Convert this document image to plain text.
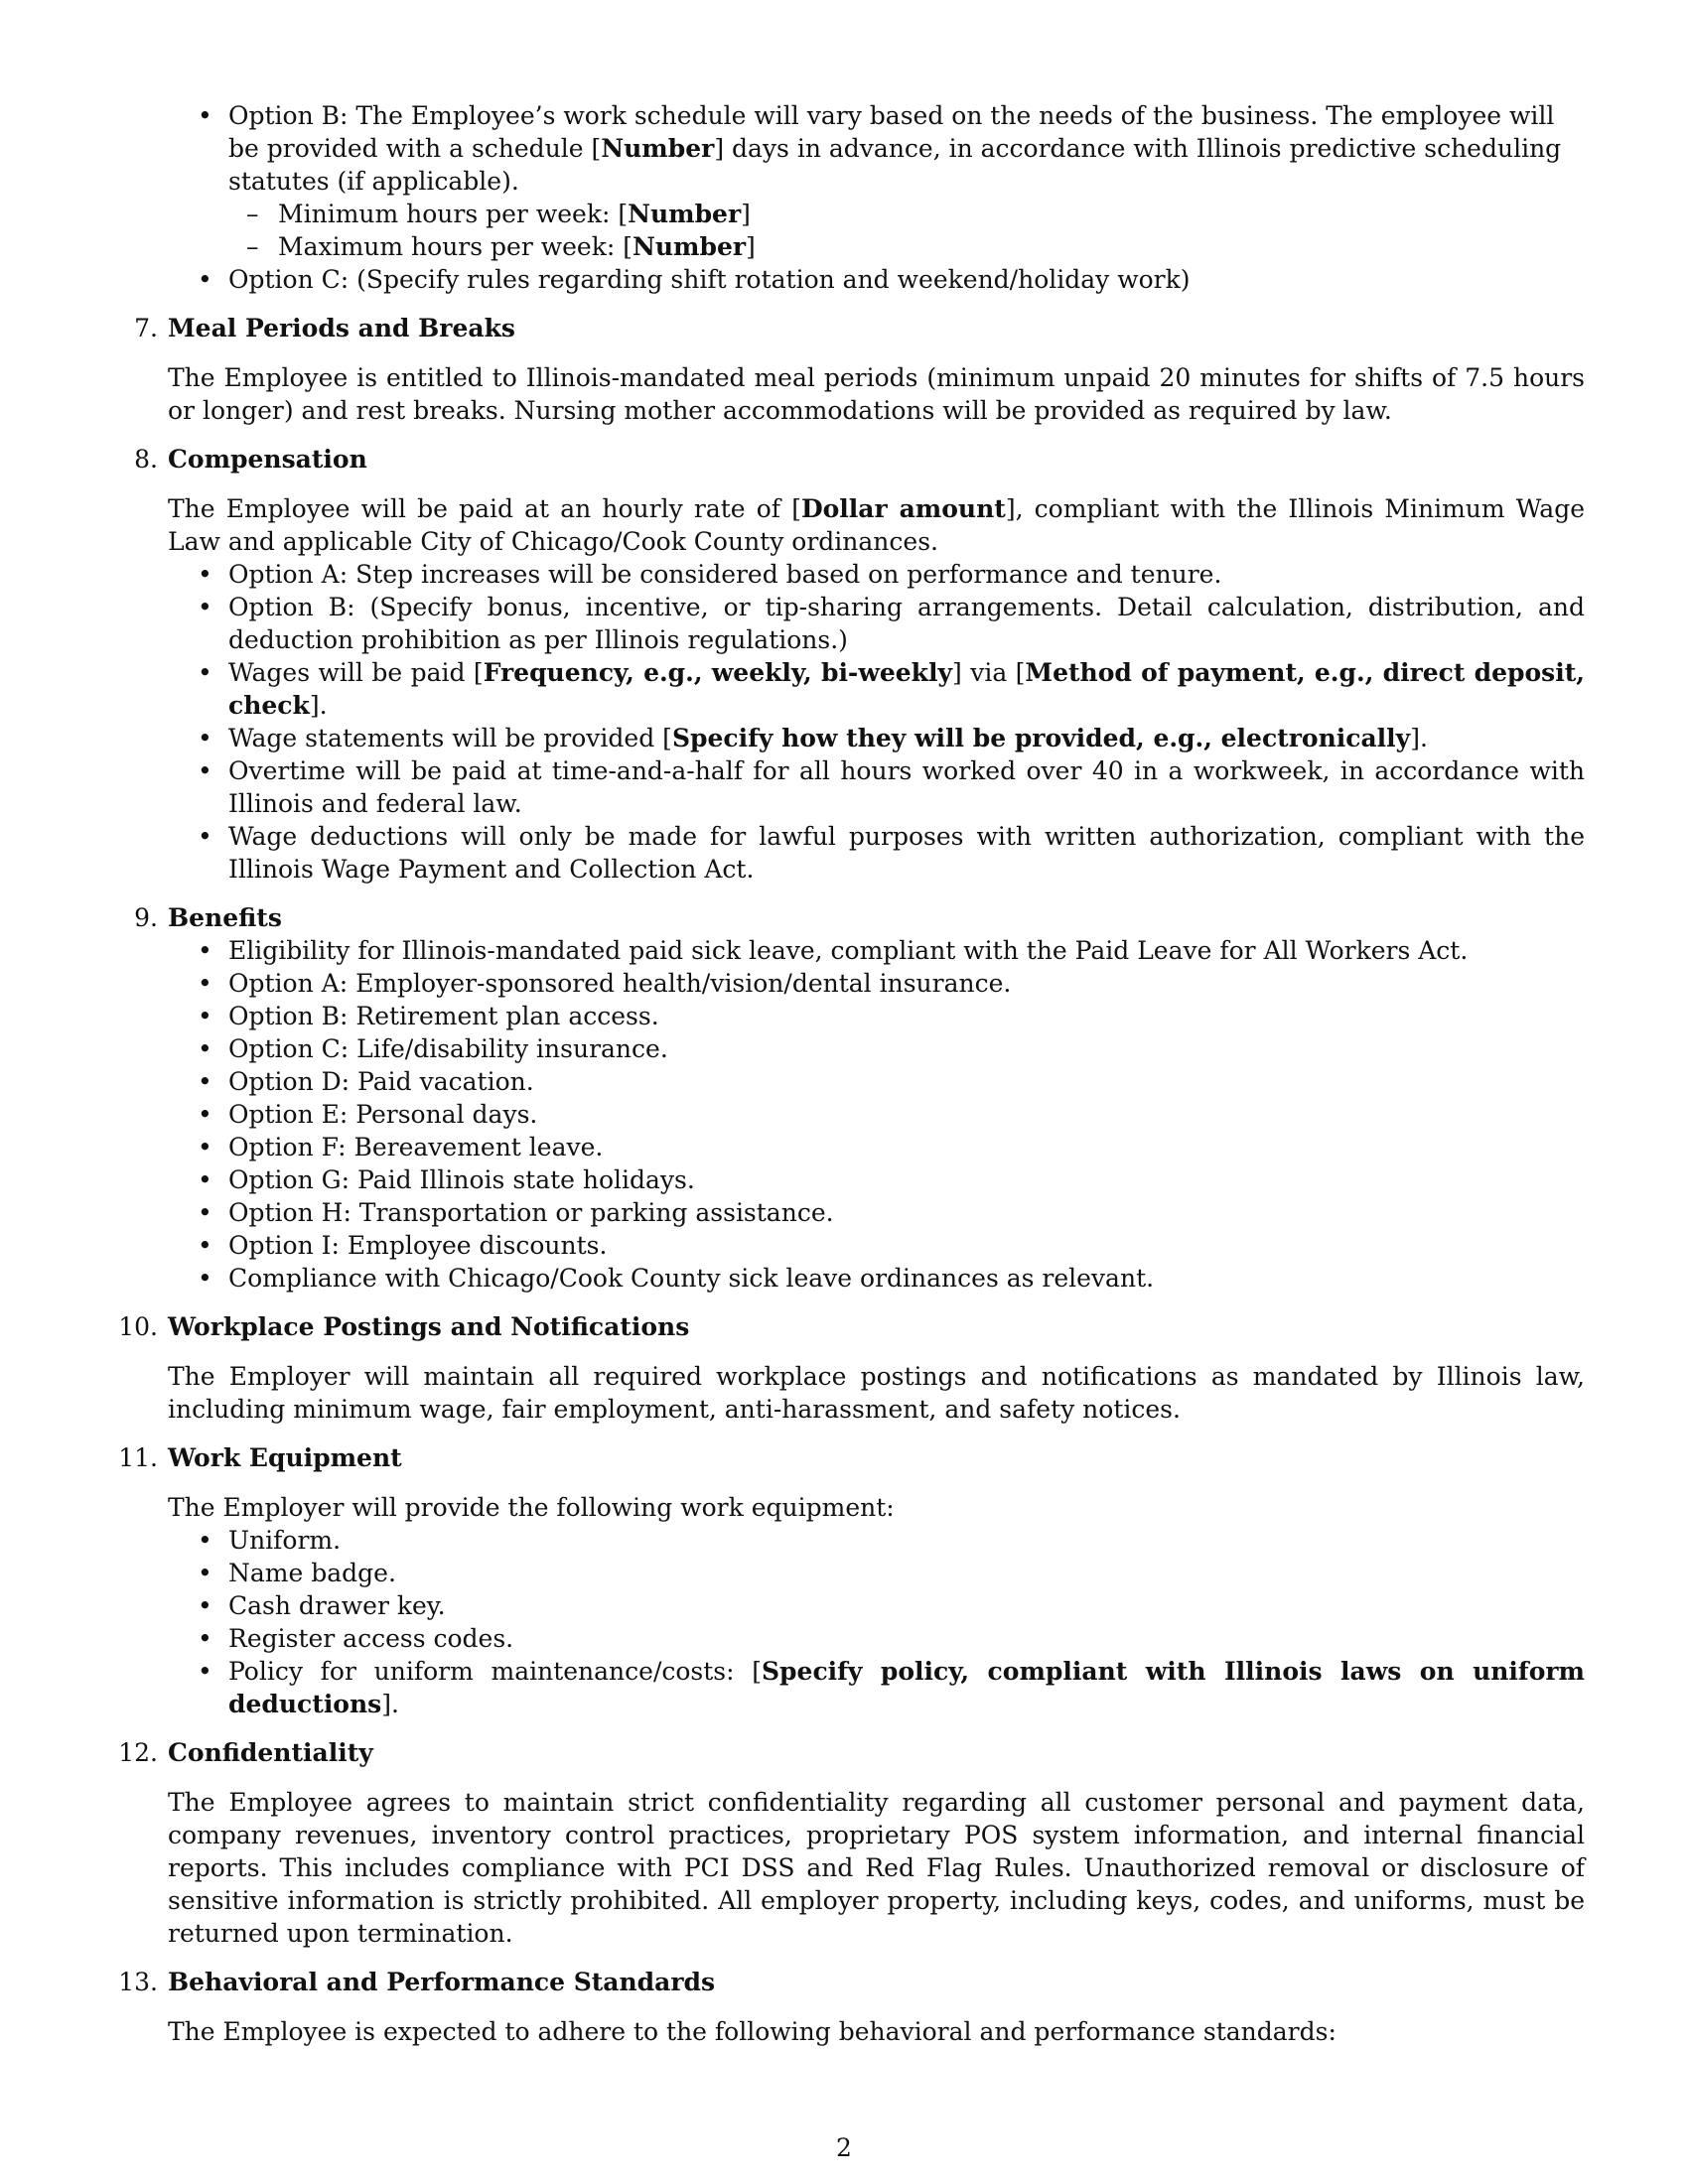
• Option B: The Employee’s work schedule will vary based on the needs of the business. The employee will be provided with a schedule [Number] days in advance, in accordance with Illinois predictive scheduling statutes (if applicable).
– Minimum hours per week: [Number]
– Maximum hours per week: [Number]
• Option C: (Specify rules regarding shift rotation and weekend/holiday work)
7. Meal Periods and Breaks
The Employee is entitled to Illinois-mandated meal periods (minimum unpaid 20 minutes for shifts of 7.5 hours or longer) and rest breaks. Nursing mother accommodations will be provided as required by law.
8. Compensation
The Employee will be paid at an hourly rate of [Dollar amount], compliant with the Illinois Minimum Wage Law and applicable City of Chicago/Cook County ordinances.
• Option A: Step increases will be considered based on performance and tenure.
• Option B: (Specify bonus, incentive, or tip-sharing arrangements. Detail calculation, distribution, and deduction prohibition as per Illinois regulations.)
• Wages will be paid [Frequency, e.g., weekly, bi-weekly] via [Method of payment, e.g., direct deposit, check].
• Wage statements will be provided [Specify how they will be provided, e.g., electronically].
• Overtime will be paid at time-and-a-half for all hours worked over 40 in a workweek, in accordance with Illinois and federal law.
• Wage deductions will only be made for lawful purposes with written authorization, compliant with the Illinois Wage Payment and Collection Act.
9. Benefits
• Eligibility for Illinois-mandated paid sick leave, compliant with the Paid Leave for All Workers Act.
• Option A: Employer-sponsored health/vision/dental insurance.
• Option B: Retirement plan access.
• Option C: Life/disability insurance.
• Option D: Paid vacation.
• Option E: Personal days.
• Option F: Bereavement leave.
• Option G: Paid Illinois state holidays.
• Option H: Transportation or parking assistance.
• Option I: Employee discounts.
• Compliance with Chicago/Cook County sick leave ordinances as relevant.
10. Workplace Postings and Notifications
The Employer will maintain all required workplace postings and notifications as mandated by Illinois law, including minimum wage, fair employment, anti-harassment, and safety notices.
11. Work Equipment
The Employer will provide the following work equipment:
• Uniform.
• Name badge.
• Cash drawer key.
• Register access codes.
• Policy for uniform maintenance/costs: [Specify policy, compliant with Illinois laws on uniform deductions].
12. Confidentiality
The Employee agrees to maintain strict confidentiality regarding all customer personal and payment data, company revenues, inventory control practices, proprietary POS system information, and internal financial reports. This includes compliance with PCI DSS and Red Flag Rules. Unauthorized removal or disclosure of sensitive information is strictly prohibited. All employer property, including keys, codes, and uniforms, must be returned upon termination.
13. Behavioral and Performance Standards
The Employee is expected to adhere to the following behavioral and performance standards:
2
